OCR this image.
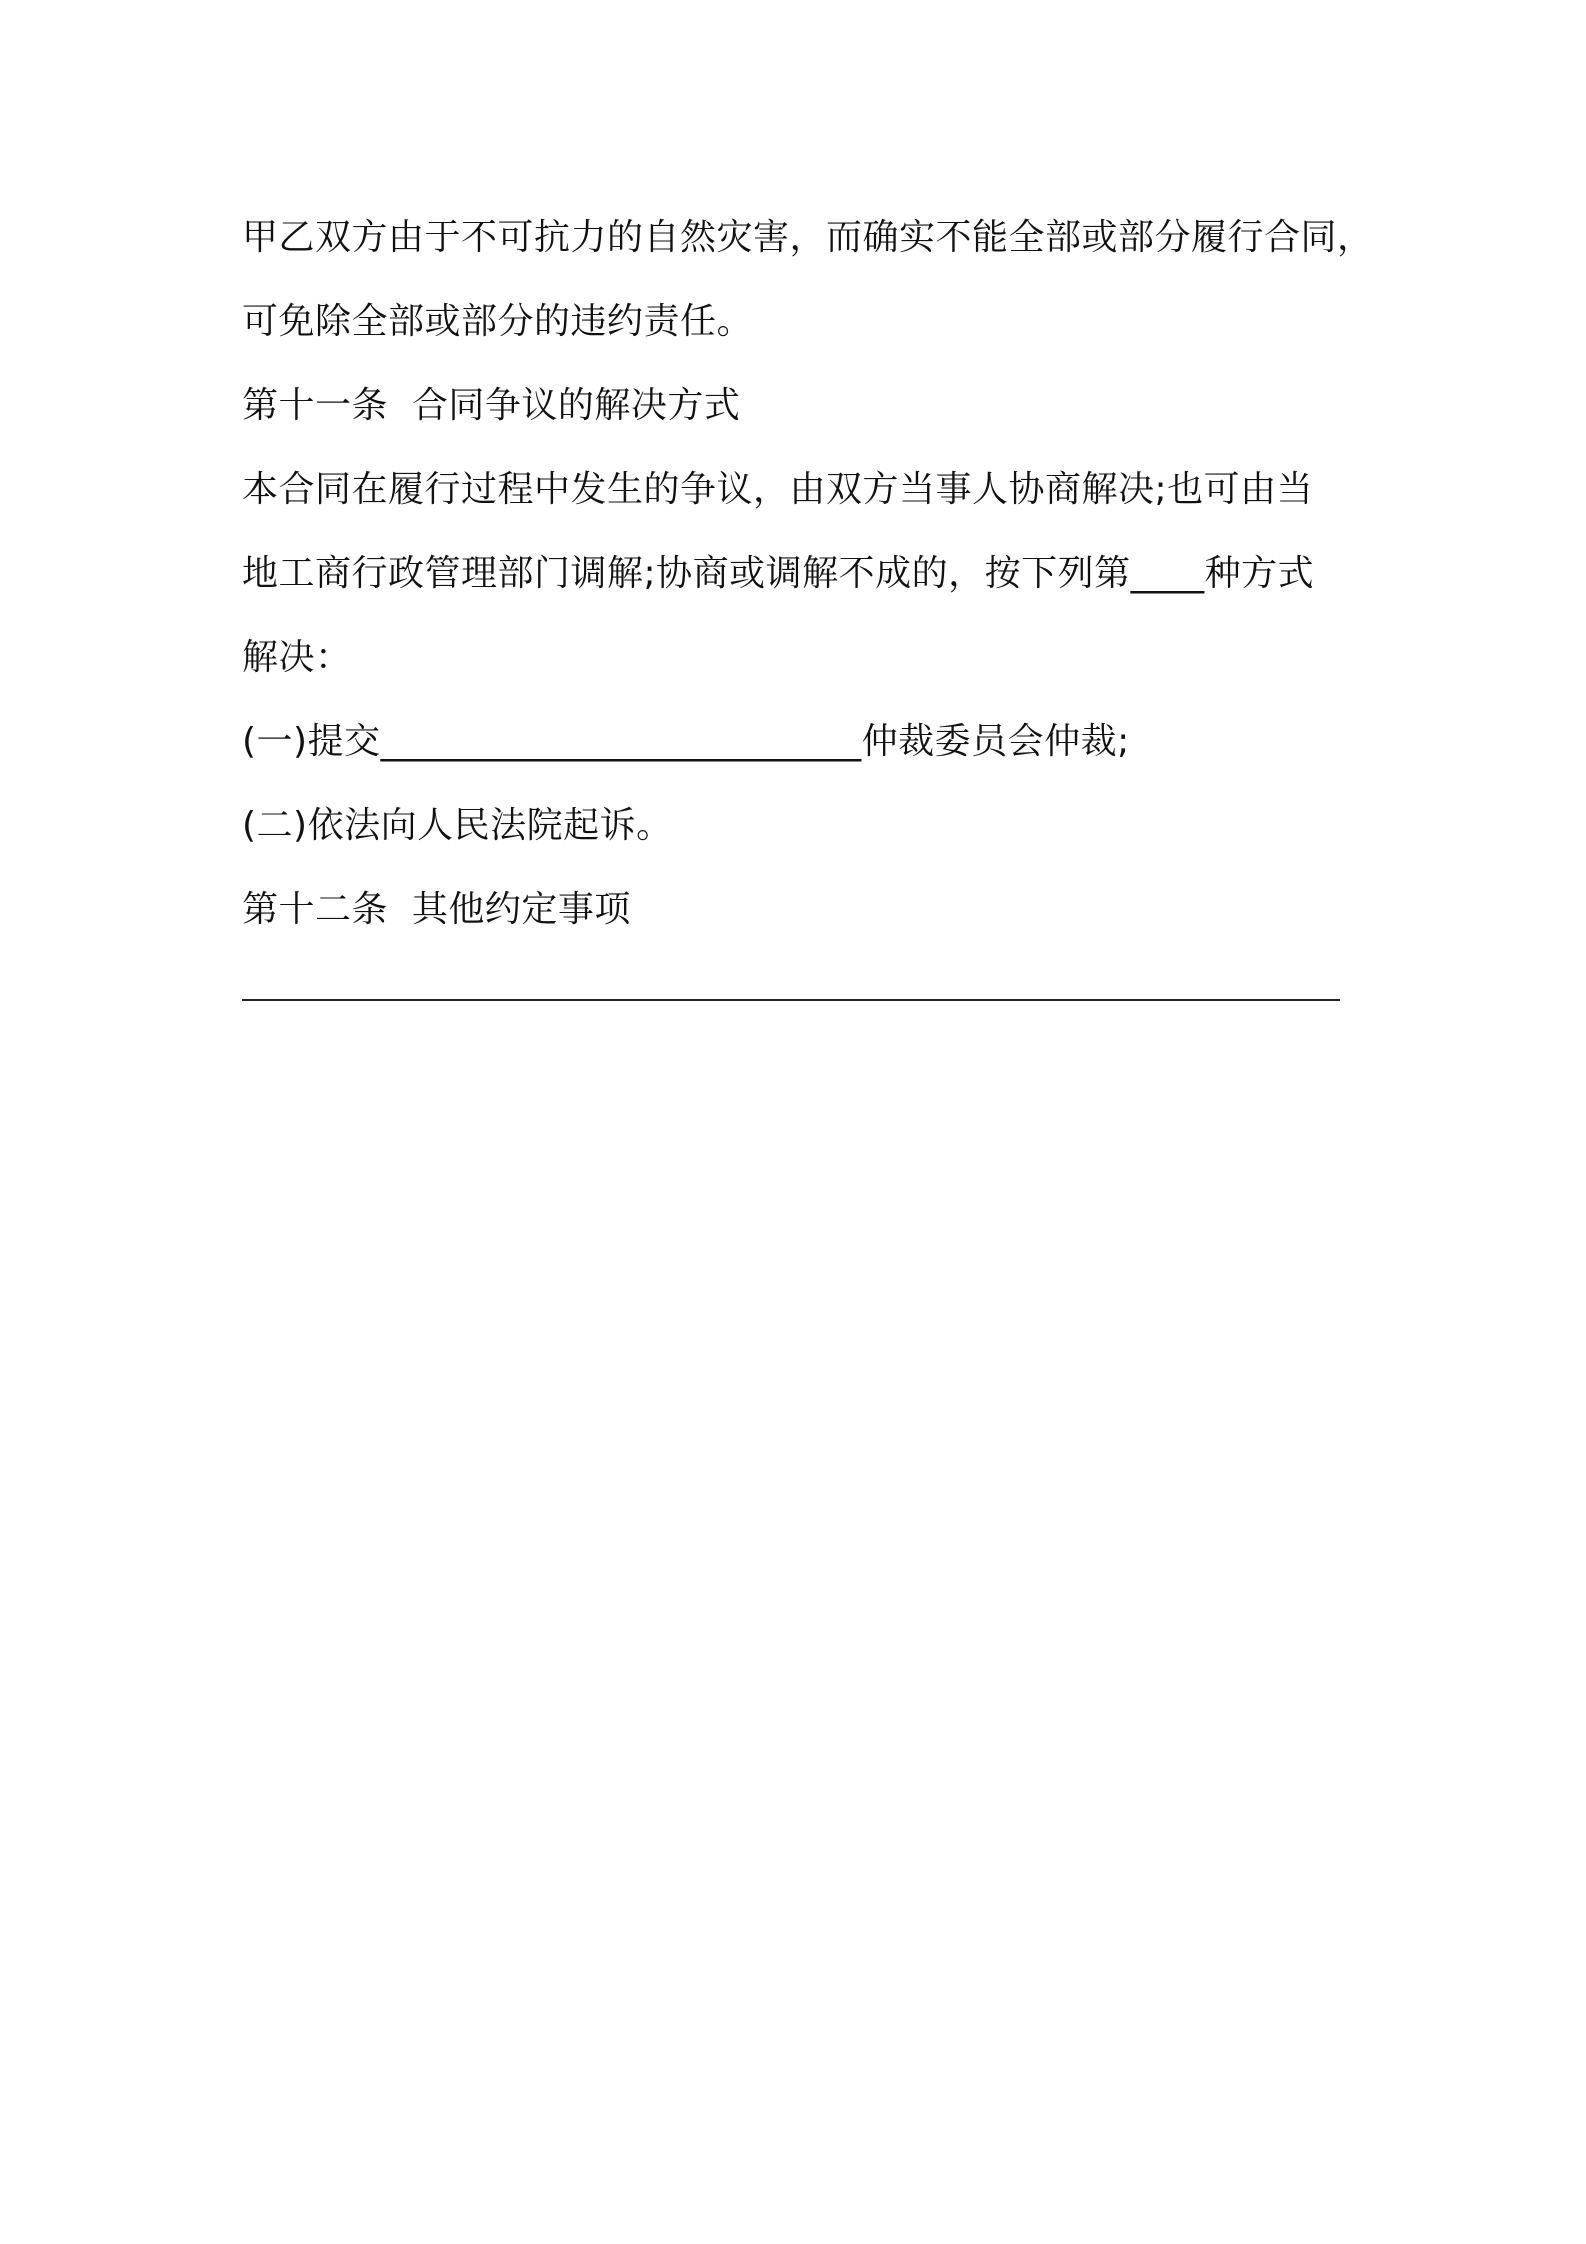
甲乙双方由于不可抗力的自然灾害，而确实不能全部或部分履行合同，
可免除全部或部分的违约责任。
第十一条  合同争议的解决方式
本合同在履行过程中发生的争议，由双方当事人协商解决;也可由当
地工商行政管理部门调解;协商或调解不成的，按下列第____种方式
解决：
(一)提交__________________________仲裁委员会仲裁;
(二)依法向人民法院起诉。
第十二条  其他约定事项
